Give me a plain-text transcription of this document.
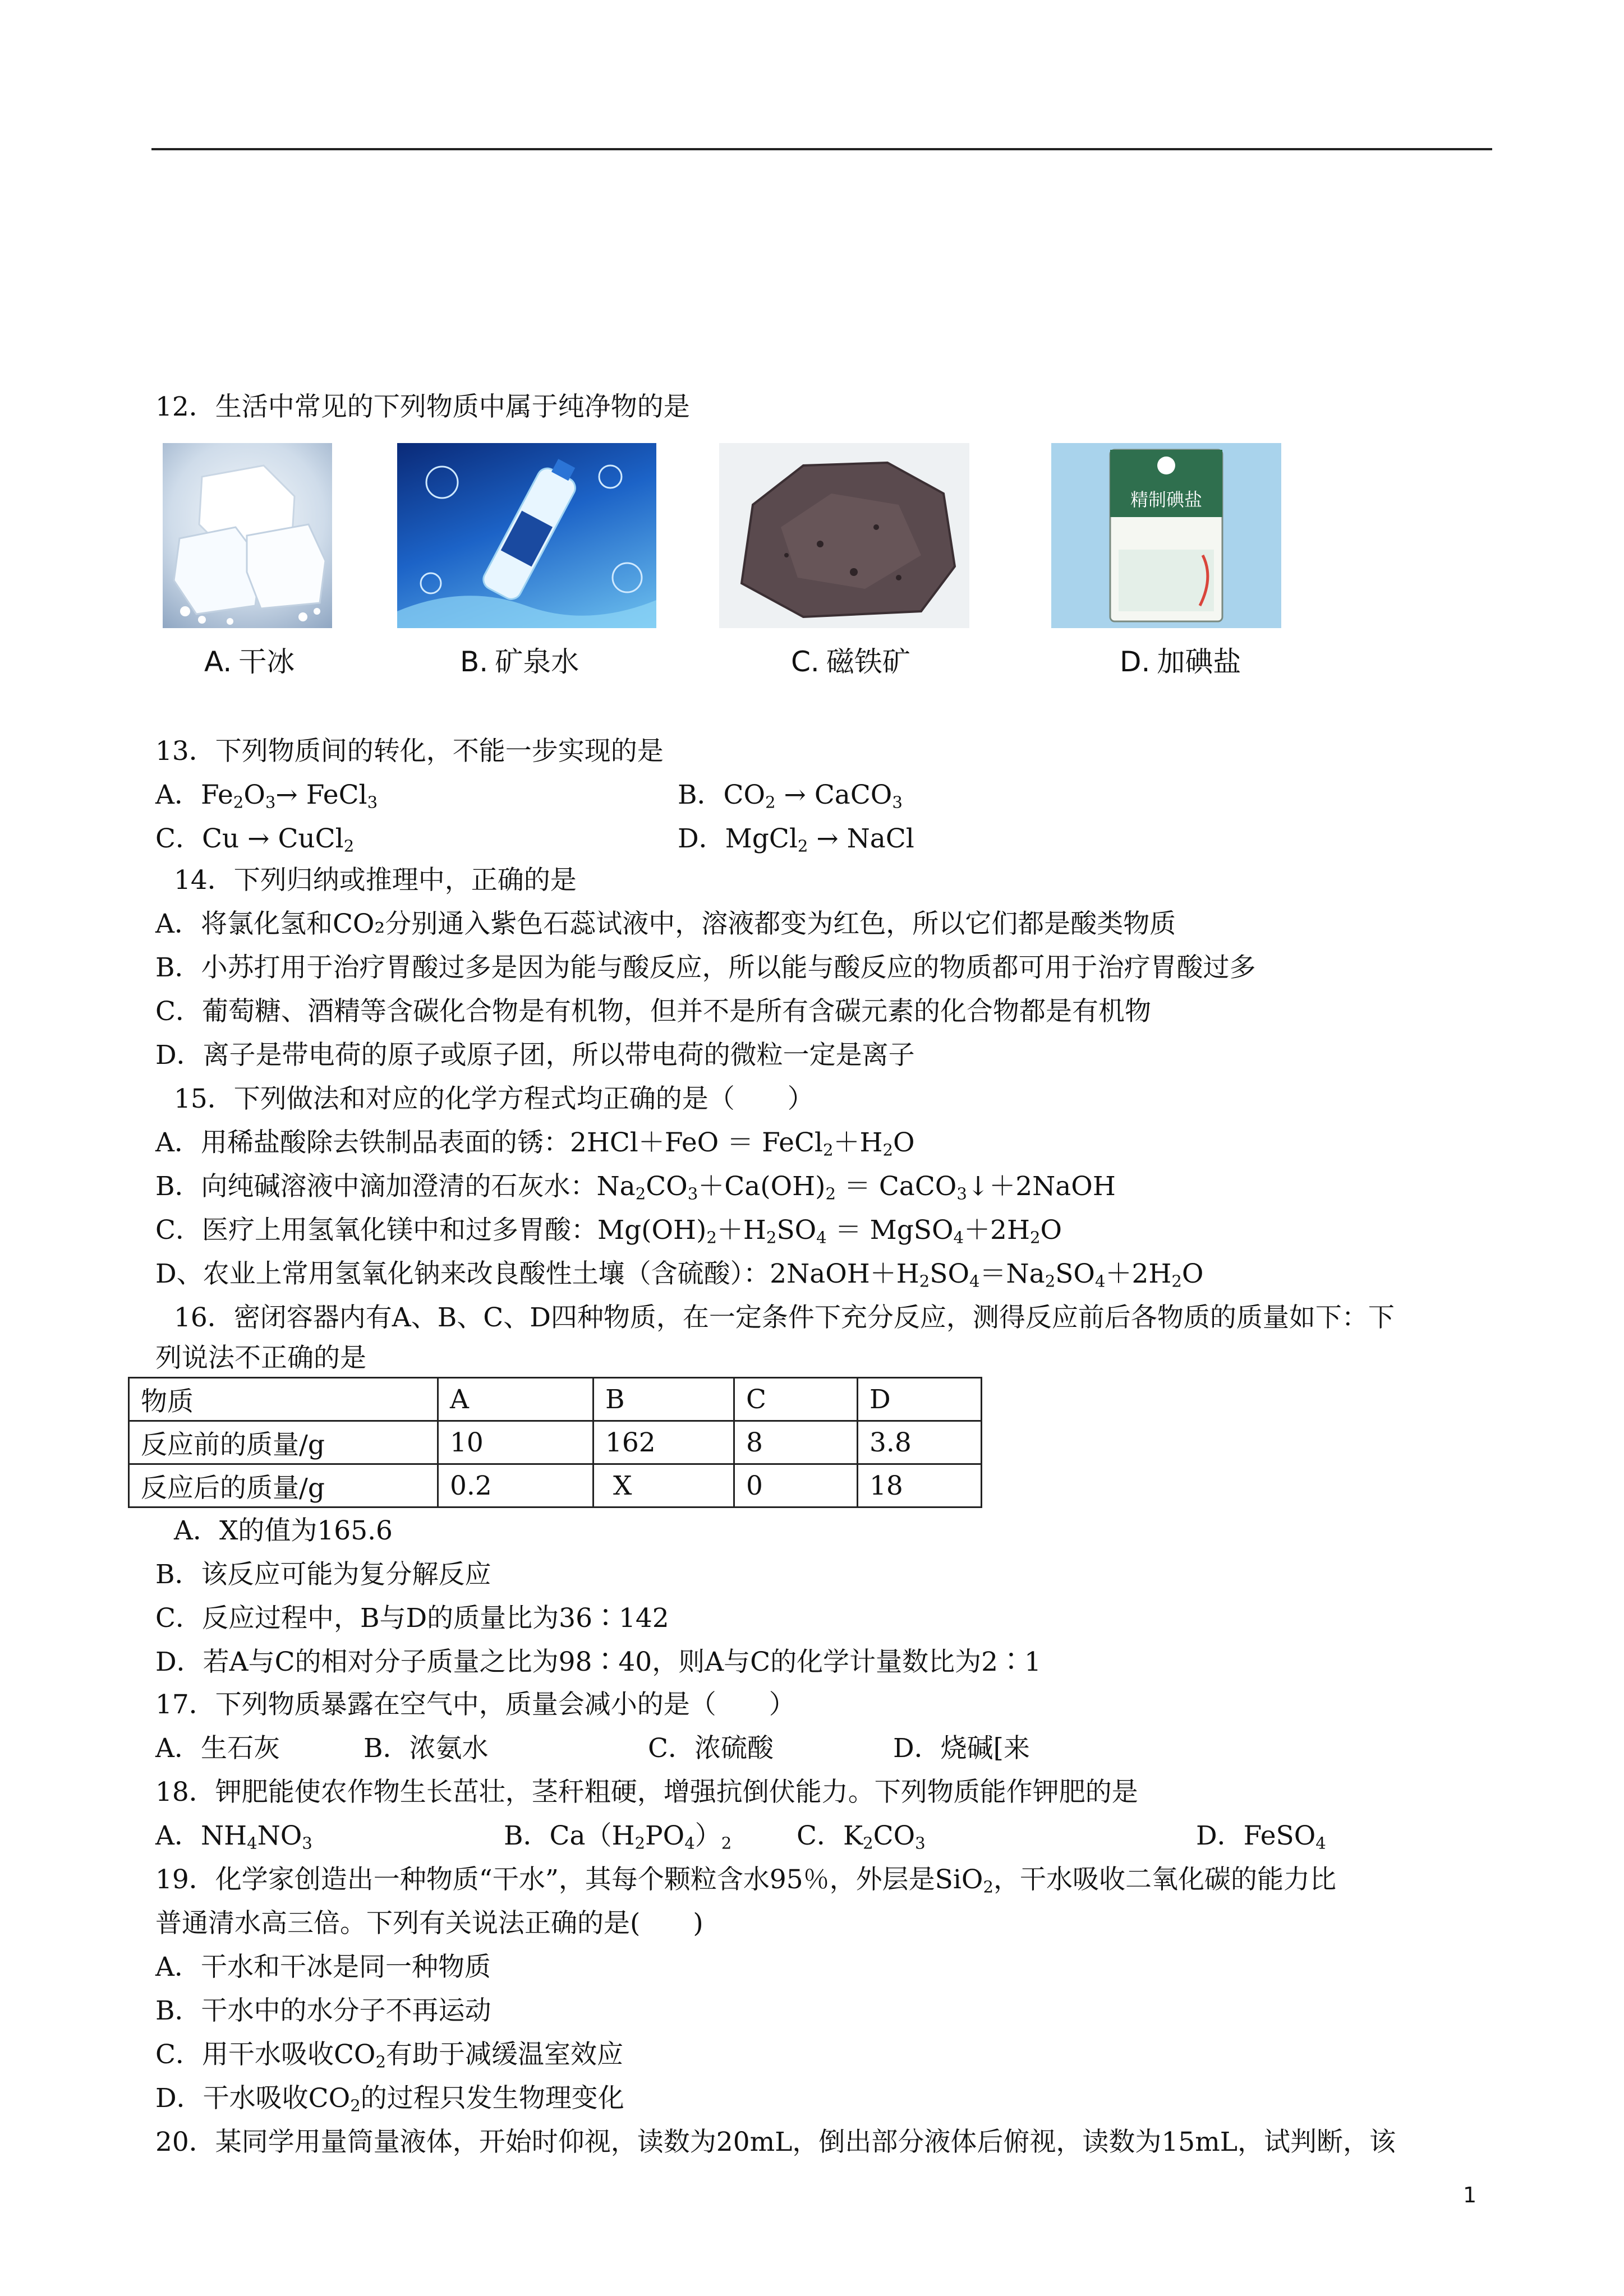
12．生活中常见的下列物质中属于纯净物的是
精制碘盐
A. 干冰	B. 矿泉水	C. 磁铁矿	D. 加碘盐
13．下列物质间的转化，不能一步实现的是
A．$Fe_2O_3\to$ FeCl$_3$	B．$CO_2$ → CaCO$_3$
C．Cu → CuCl$_2$	D．MgCl$_2$ → NaCl
14．下列归纳或推理中，正确的是
A．将氯化氢和CO₂分别通入紫色石蕊试液中，溶液都变为红色，所以它们都是酸类物质
B．小苏打用于治疗胃酸过多是因为能与酸反应，所以能与酸反应的物质都可用于治疗胃酸过多
C．葡萄糖、酒精等含碳化合物是有机物，但并不是所有含碳元素的化合物都是有机物
D．离子是带电荷的原子或原子团，所以带电荷的微粒一定是离子
15．下列做法和对应的化学方程式均正确的是（　　）
A．用稀盐酸除去铁制品表面的锈：$2HCl+FeO = FeCl_2+H_2O$
B．向纯碱溶液中滴加澄清的石灰水：$Na_2CO_3+Ca(OH)_2$ ＝ CaCO$_3$↓＋2NaOH
C．医疗上用氢氧化镁中和过多胃酸：$Mg(OH)_2+H_2SO_4$ ＝ $MgSO_4+2H_2O$
D、农业上常用氢氧化钠来改良酸性土壤（含硫酸）：$2NaOH+H_2SO_4=Na_2SO_4+2H_2O$
16．密闭容器内有A、B、C、D四种物质，在一定条件下充分反应，测得反应前后各物质的质量如下：下
列说法不正确的是
物质	A	B	C	D
反应前的质量/g	10	162	8	3.8
反应后的质量/g	0.2	X	0	18
A．X的值为165.6
B．该反应可能为复分解反应
C．反应过程中，B与D的质量比为36∶142
D．若A与C的相对分子质量之比为98∶40，则A与C的化学计量数比为2∶1
17．下列物质暴露在空气中，质量会减小的是（　　）
A．生石灰	B．浓氨水	C．浓硫酸	D．烧碱[来
18．钾肥能使农作物生长茁壮，茎秆粗硬，增强抗倒伏能力。下列物质能作钾肥的是
A．$NH_4NO_3$	B．$Ca(H_2PO_4)_2$ C．$K_2CO_3$	D．FeSO$_4$
19．化学家创造出一种物质“干水”，其每个颗粒含水95％，外层是SiO$_2$，干水吸收二氧化碳的能力比
普通清水高三倍。下列有关说法正确的是(　　)
A．干水和干冰是同一种物质
B．干水中的水分子不再运动
C．用干水吸收$CO_2$有助于减缓温室效应
D．干水吸收$CO_2$的过程只发生物理变化
20．某同学用量筒量液体，开始时仰视，读数为20mL，倒出部分液体后俯视，读数为15mL，试判断，该
1
